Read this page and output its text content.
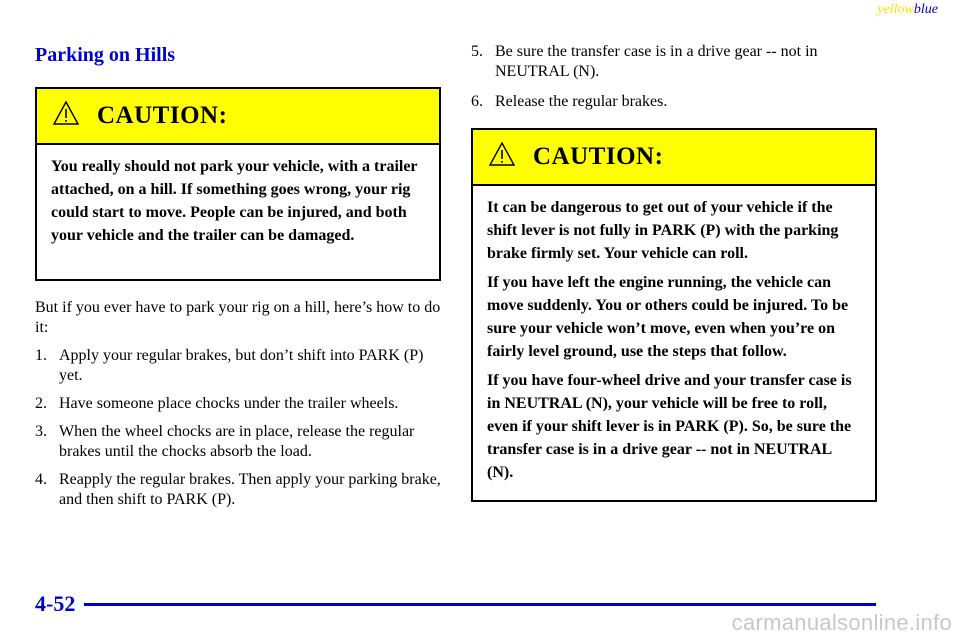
yellowblue
Parking on Hills
CAUTION:

You really should not park your vehicle, with a trailer attached, on a hill. If something goes wrong, your rig could start to move. People can be injured, and both your vehicle and the trailer can be damaged.

But if you ever have to park your rig on a hill, here’s how to do it:

1. Apply your regular brakes, but don’t shift into PARK (P) yet.
2. Have someone place chocks under the trailer wheels.
3. When the wheel chocks are in place, release the regular brakes until the chocks absorb the load.
4. Reapply the regular brakes. Then apply your parking brake, and then shift to PARK (P).
5. Be sure the transfer case is in a drive gear -- not in NEUTRAL (N).
6. Release the regular brakes.
CAUTION:

It can be dangerous to get out of your vehicle if the shift lever is not fully in PARK (P) with the parking brake firmly set. Your vehicle can roll.

If you have left the engine running, the vehicle can move suddenly. You or others could be injured. To be sure your vehicle won’t move, even when you’re on fairly level ground, use the steps that follow.

If you have four-wheel drive and your transfer case is in NEUTRAL (N), your vehicle will be free to roll, even if your shift lever is in PARK (P). So, be sure the transfer case is in a drive gear -- not in NEUTRAL (N).

4-52
carmanualsonline.info
